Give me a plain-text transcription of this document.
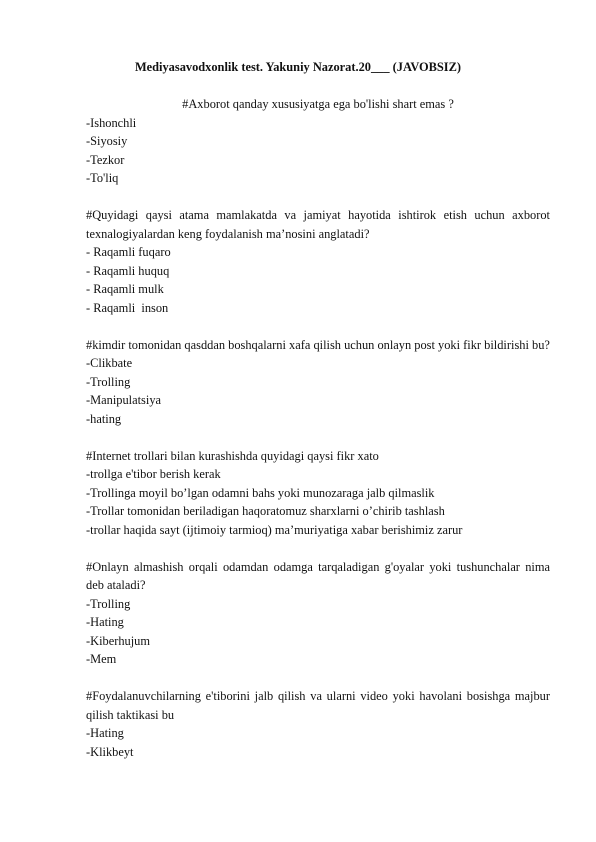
Mediyasavodxonlik test. Yakuniy Nazorat.20___ (JAVOBSIZ)
#Axborot qanday xususiyatga ega bo'lishi shart emas ?
-Ishonchli
-Siyosiy
-Tezkor
-To'liq
#Quyidagi qaysi atama mamlakatda va jamiyat hayotida ishtirok etish uchun axborot texnalogiyalardan keng foydalanish ma’nosini anglatadi?
- Raqamli fuqaro
- Raqamli huquq
- Raqamli mulk
- Raqamli  inson
#kimdir tomonidan qasddan boshqalarni xafa qilish uchun onlayn post yoki fikr bildirishi bu?
-Clikbate
-Trolling
-Manipulatsiya
-hating
#Internet trollari bilan kurashishda quyidagi qaysi fikr xato
-trollga e'tibor berish kerak
-Trollinga moyil bo’lgan odamni bahs yoki munozaraga jalb qilmaslik
-Trollar tomonidan beriladigan haqoratomuz sharxlarni o’chirib tashlash
-trollar haqida sayt (ijtimoiy tarmioq) ma’muriyatiga xabar berishimiz zarur
#Onlayn almashish orqali odamdan odamga tarqaladigan g'oyalar yoki tushunchalar nima deb ataladi?
-Trolling
-Hating
-Kiberhujum
-Mem
#Foydalanuvchilarning e'tiborini jalb qilish va ularni video yoki havolani bosishga majbur qilish taktikasi bu
-Hating
-Klikbeyt
